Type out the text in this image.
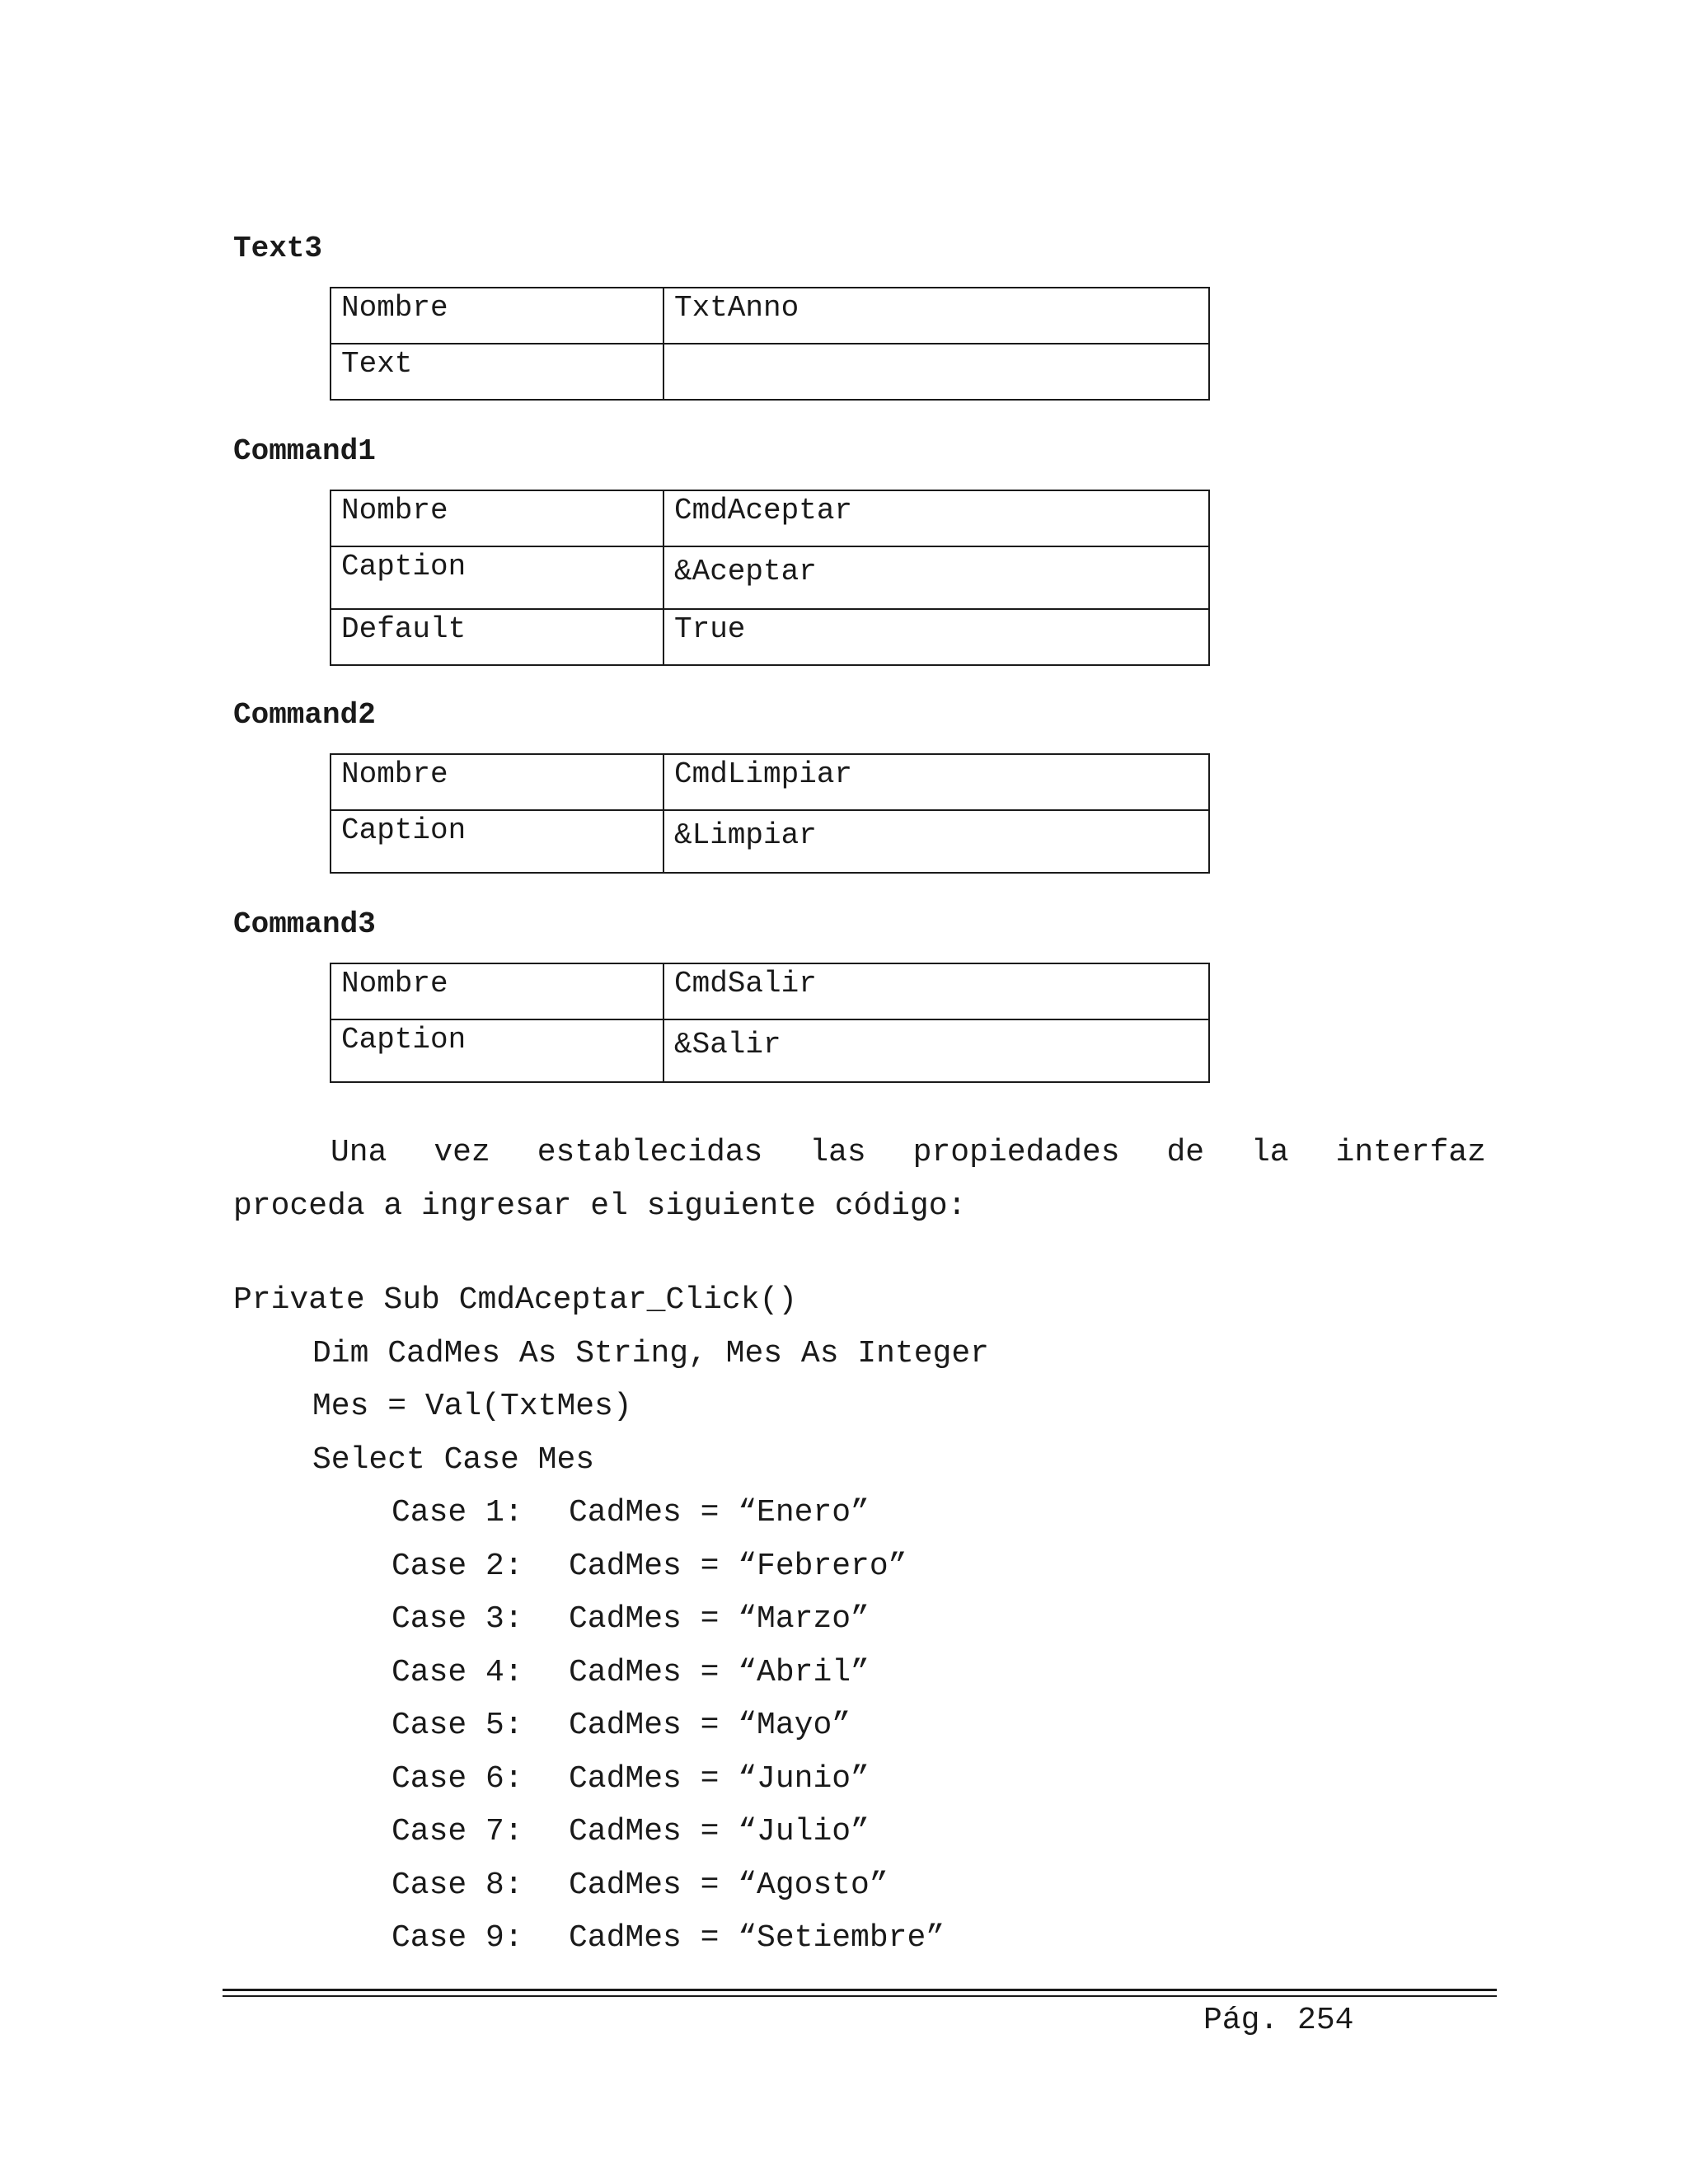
Text3
Nombre	TxtAnno
Text	
Command1
Nombre	CmdAceptar
Caption	&Aceptar
Default	True
Command2
Nombre	CmdLimpiar
Caption	&Limpiar
Command3
Nombre	CmdSalir
Caption	&Salir
Una vez establecidas las propiedades de la interfaz
proceda a ingresar el siguiente código:
Private Sub CmdAceptar_Click()
Dim CadMes As String, Mes As Integer
Mes = Val(TxtMes)
Select Case Mes
Case 1: CadMes = “Enero”
Case 2: CadMes = “Febrero”
Case 3: CadMes = “Marzo”
Case 4: CadMes = “Abril”
Case 5: CadMes = “Mayo”
Case 6: CadMes = “Junio”
Case 7: CadMes = “Julio”
Case 8: CadMes = “Agosto”
Case 9: CadMes = “Setiembre”
Pág. 254
